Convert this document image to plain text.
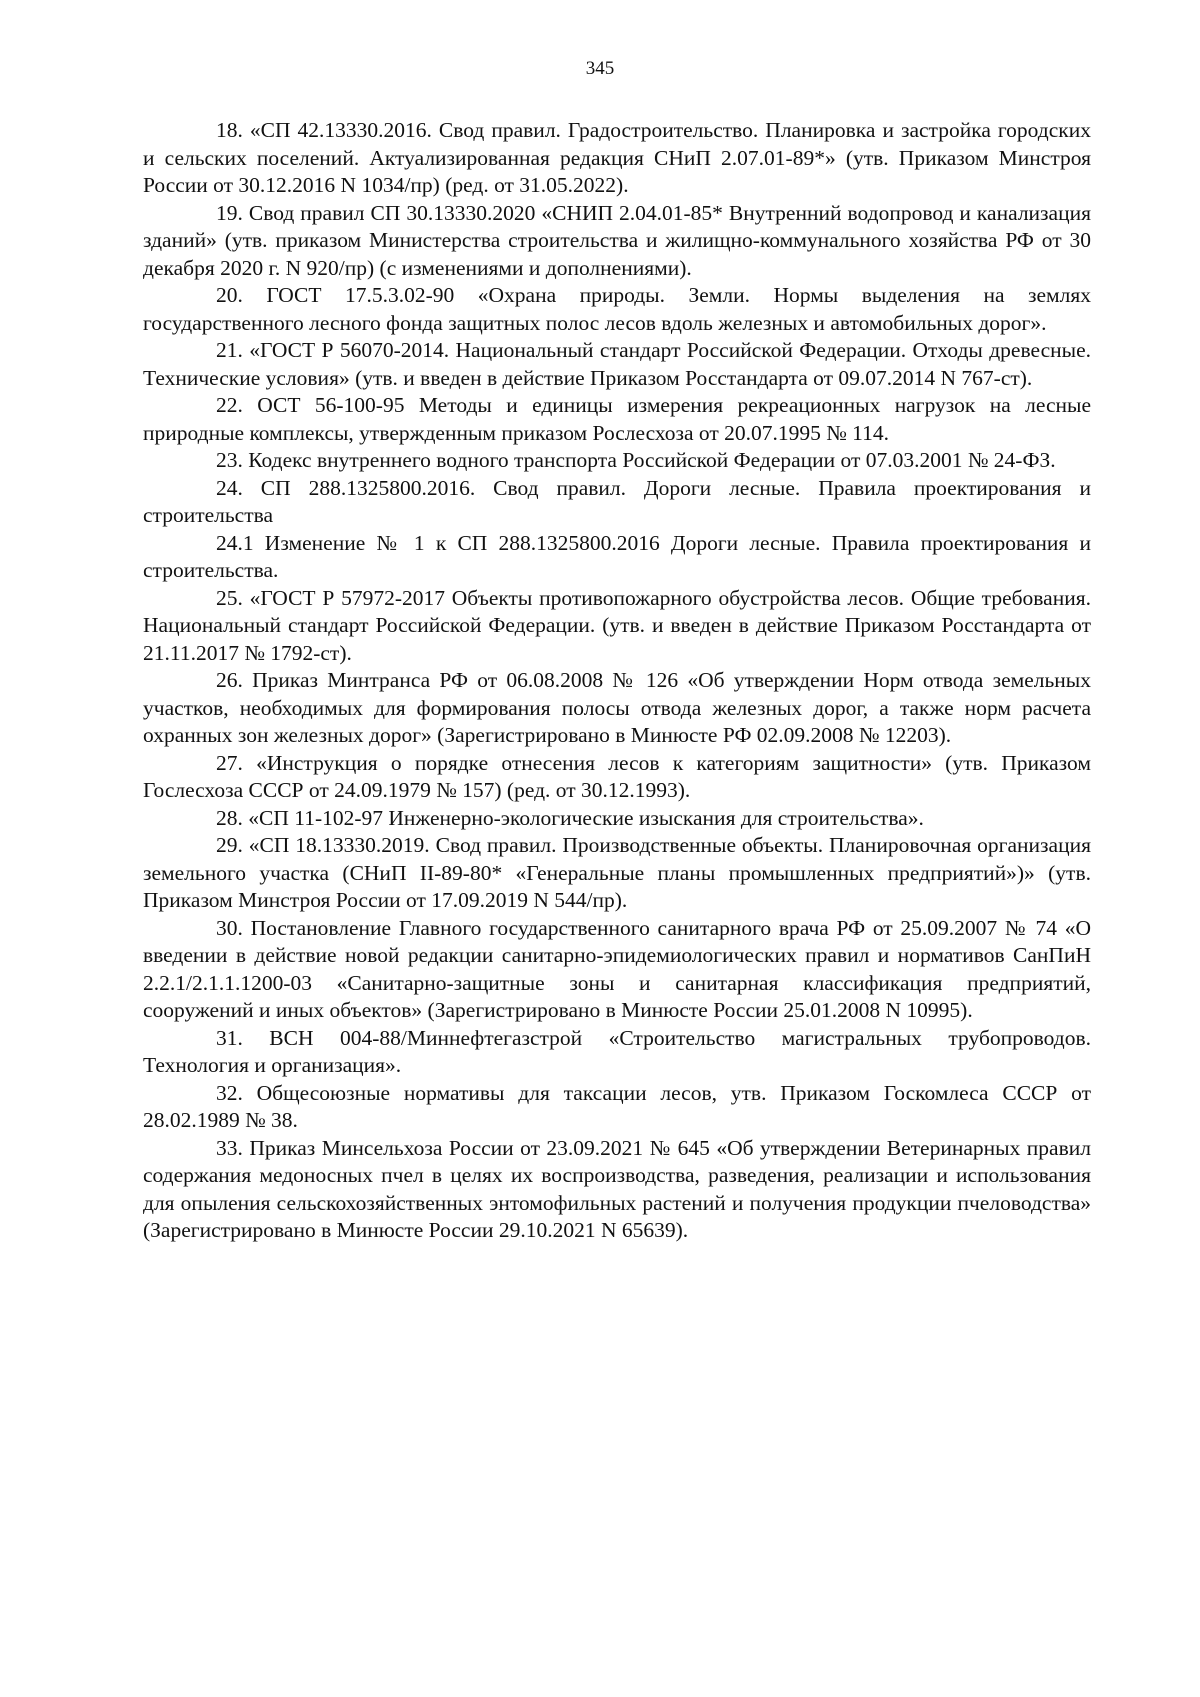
345

18. «СП 42.13330.2016. Свод правил. Градостроительство. Планировка и застройка городских и сельских поселений. Актуализированная редакция СНиП 2.07.01-89*» (утв. Приказом Минстроя России от 30.12.2016 N 1034/пр) (ред. от 31.05.2022).

19. Свод правил СП 30.13330.2020 «СНИП 2.04.01-85* Внутренний водопровод и канализация зданий» (утв. приказом Министерства строительства и жилищно-коммунального хозяйства РФ от 30 декабря 2020 г. N 920/пр) (с изменениями и дополнениями).

20. ГОСТ 17.5.3.02-90 «Охрана природы. Земли. Нормы выделения на землях государственного лесного фонда защитных полос лесов вдоль железных и автомобильных дорог».

21. «ГОСТ Р 56070-2014. Национальный стандарт Российской Федерации. Отходы древесные. Технические условия» (утв. и введен в действие Приказом Росстандарта от 09.07.2014 N 767-ст).

22. ОСТ 56-100-95 Методы и единицы измерения рекреационных нагрузок на лесные природные комплексы, утвержденным приказом Рослесхоза от 20.07.1995 № 114.

23. Кодекс внутреннего водного транспорта Российской Федерации от 07.03.2001 № 24-ФЗ.

24. СП 288.1325800.2016. Свод правил. Дороги лесные. Правила проектирования и строительства

24.1 Изменение № 1 к СП 288.1325800.2016 Дороги лесные. Правила проектирования и строительства.

25. «ГОСТ Р 57972-2017 Объекты противопожарного обустройства лесов. Общие требования. Национальный стандарт Российской Федерации. (утв. и введен в действие Приказом Росстандарта от 21.11.2017 № 1792-ст).

26. Приказ Минтранса РФ от 06.08.2008 № 126 «Об утверждении Норм отвода земельных участков, необходимых для формирования полосы отвода железных дорог, а также норм расчета охранных зон железных дорог» (Зарегистрировано в Минюсте РФ 02.09.2008 № 12203).

27. «Инструкция о порядке отнесения лесов к категориям защитности» (утв. Приказом Гослесхоза СССР от 24.09.1979 № 157) (ред. от 30.12.1993).

28. «СП 11-102-97 Инженерно-экологические изыскания для строительства».

29. «СП 18.13330.2019. Свод правил. Производственные объекты. Планировочная организация земельного участка (СНиП II-89-80* «Генеральные планы промышленных предприятий»)» (утв. Приказом Минстроя России от 17.09.2019 N 544/пр).

30. Постановление Главного государственного санитарного врача РФ от 25.09.2007 № 74 «О введении в действие новой редакции санитарно-эпидемиологических правил и нормативов СанПиН 2.2.1/2.1.1.1200-03 «Санитарно-защитные зоны и санитарная классификация предприятий, сооружений и иных объектов» (Зарегистрировано в Минюсте России 25.01.2008 N 10995).

31. ВСН 004-88/Миннефтегазстрой «Строительство магистральных трубопроводов. Технология и организация».

32. Общесоюзные нормативы для таксации лесов, утв. Приказом Госкомлеса СССР от 28.02.1989 № 38.

33. Приказ Минсельхоза России от 23.09.2021 № 645 «Об утверждении Ветеринарных правил содержания медоносных пчел в целях их воспроизводства, разведения, реализации и использования для опыления сельскохозяйственных энтомофильных растений и получения продукции пчеловодства» (Зарегистрировано в Минюсте России 29.10.2021 N 65639).
